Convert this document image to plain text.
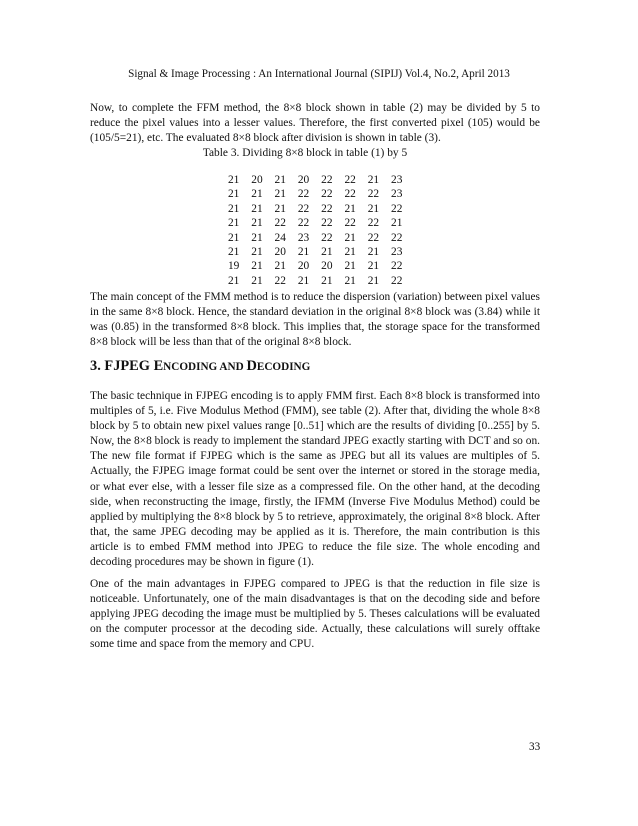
Signal & Image Processing : An International Journal (SIPIJ) Vol.4, No.2, April 2013

Now, to complete the FFM method, the 8×8 block shown in table (2) may be divided by 5 to reduce the pixel values into a lesser values. Therefore, the first converted pixel (105) would be (105/5=21), etc. The evaluated 8×8 block after division is shown in table (3).

Table 3. Dividing 8×8 block in table (1) by 5
21	20	21	20	22	22	21	23
21	21	21	22	22	22	22	23
21	21	21	22	22	21	21	22
21	21	22	22	22	22	22	21
21	21	24	23	22	21	22	22
21	21	20	21	21	21	21	23
19	21	21	20	20	21	21	22
21	21	22	21	21	21	21	22

The main concept of the FMM method is to reduce the dispersion (variation) between pixel values in the same 8×8 block. Hence, the standard deviation in the original 8×8 block was (3.84) while it was (0.85) in the transformed 8×8 block. This implies that, the storage space for the transformed 8×8 block will be less than that of the original 8×8 block.

3. FJPEG ENCODING AND DECODING

The basic technique in FJPEG encoding is to apply FMM first. Each 8×8 block is transformed into multiples of 5, i.e. Five Modulus Method (FMM), see table (2). After that, dividing the whole 8×8 block by 5 to obtain new pixel values range [0..51] which are the results of dividing [0..255] by 5. Now, the 8×8 block is ready to implement the standard JPEG exactly starting with DCT and so on. The new file format if FJPEG which is the same as JPEG but all its values are multiples of 5. Actually, the FJPEG image format could be sent over the internet or stored in the storage media, or what ever else, with a lesser file size as a compressed file. On the other hand, at the decoding side, when reconstructing the image, firstly, the IFMM (Inverse Five Modulus Method) could be applied by multiplying the 8×8 block by 5 to retrieve, approximately, the original 8×8 block. After that, the same JPEG decoding may be applied as it is. Therefore, the main contribution is this article is to embed FMM method into JPEG to reduce the file size. The whole encoding and decoding procedures may be shown in figure (1).

One of the main advantages in FJPEG compared to JPEG is that the reduction in file size is noticeable. Unfortunately, one of the main disadvantages is that on the decoding side and before applying JPEG decoding the image must be multiplied by 5. Theses calculations will be evaluated on the computer processor at the decoding side. Actually, these calculations will surely offtake some time and space from the memory and CPU.

33
